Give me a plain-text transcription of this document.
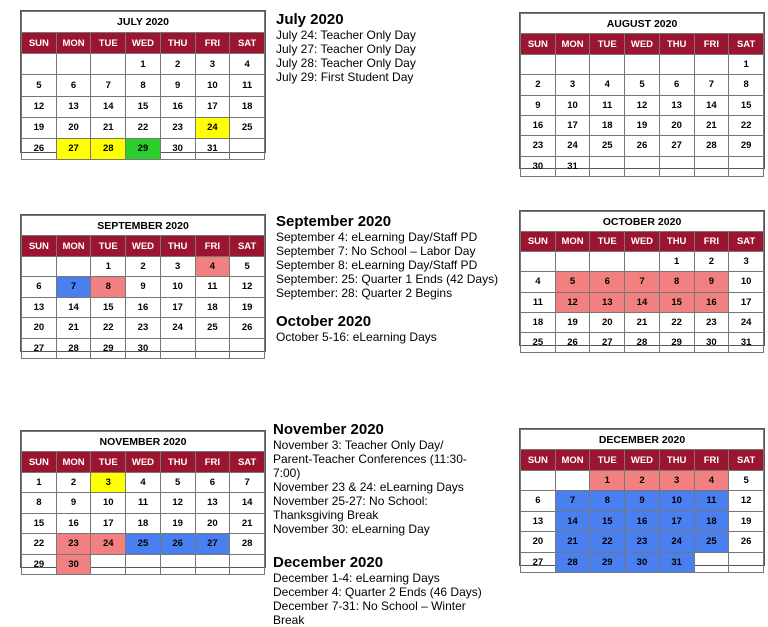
JULY 2020						
SUN	MON	TUE	WED	THU	FRI	SAT
			1	2	3	4
5	6	7	8	9	10	11
12	13	14	15	16	17	18
19	20	21	22	23	24	25
26	27	28	29	30	31	
AUGUST 2020						
SUN	MON	TUE	WED	THU	FRI	SAT
						1
2	3	4	5	6	7	8
9	10	11	12	13	14	15
16	17	18	19	20	21	22
23	24	25	26	27	28	29
30	31					
SEPTEMBER 2020						
SUN	MON	TUE	WED	THU	FRI	SAT
		1	2	3	4	5
6	7	8	9	10	11	12
13	14	15	16	17	18	19
20	21	22	23	24	25	26
27	28	29	30			
OCTOBER 2020						
SUN	MON	TUE	WED	THU	FRI	SAT
				1	2	3
4	5	6	7	8	9	10
11	12	13	14	15	16	17
18	19	20	21	22	23	24
25	26	27	28	29	30	31
NOVEMBER 2020						
SUN	MON	TUE	WED	THU	FRI	SAT
1	2	3	4	5	6	7
8	9	10	11	12	13	14
15	16	17	18	19	20	21
22	23	24	25	26	27	28
29	30					
DECEMBER 2020						
SUN	MON	TUE	WED	THU	FRI	SAT
		1	2	3	4	5
6	7	8	9	10	11	12
13	14	15	16	17	18	19
20	21	22	23	24	25	26
27	28	29	30	31		
July 2020
July 24: Teacher Only Day
July 27: Teacher Only Day
July 28: Teacher Only Day
July 29: First Student Day
September 2020
September 4: eLearning Day/Staff PD
September 7: No School – Labor Day
September 8: eLearning Day/Staff PD
September: 25: Quarter 1 Ends (42 Days)
September: 28: Quarter 2 Begins
October 2020
October 5-16: eLearning Days
November 2020
November 3: Teacher Only Day/
Parent-Teacher Conferences (11:30-
7:00)
November 23 & 24: eLearning Days
November 25-27: No School:
Thanksgiving Break
November 30: eLearning Day
December 2020
December 1-4: eLearning Days
December 4: Quarter 2 Ends (46 Days)
December 7-31: No School – Winter
Break
